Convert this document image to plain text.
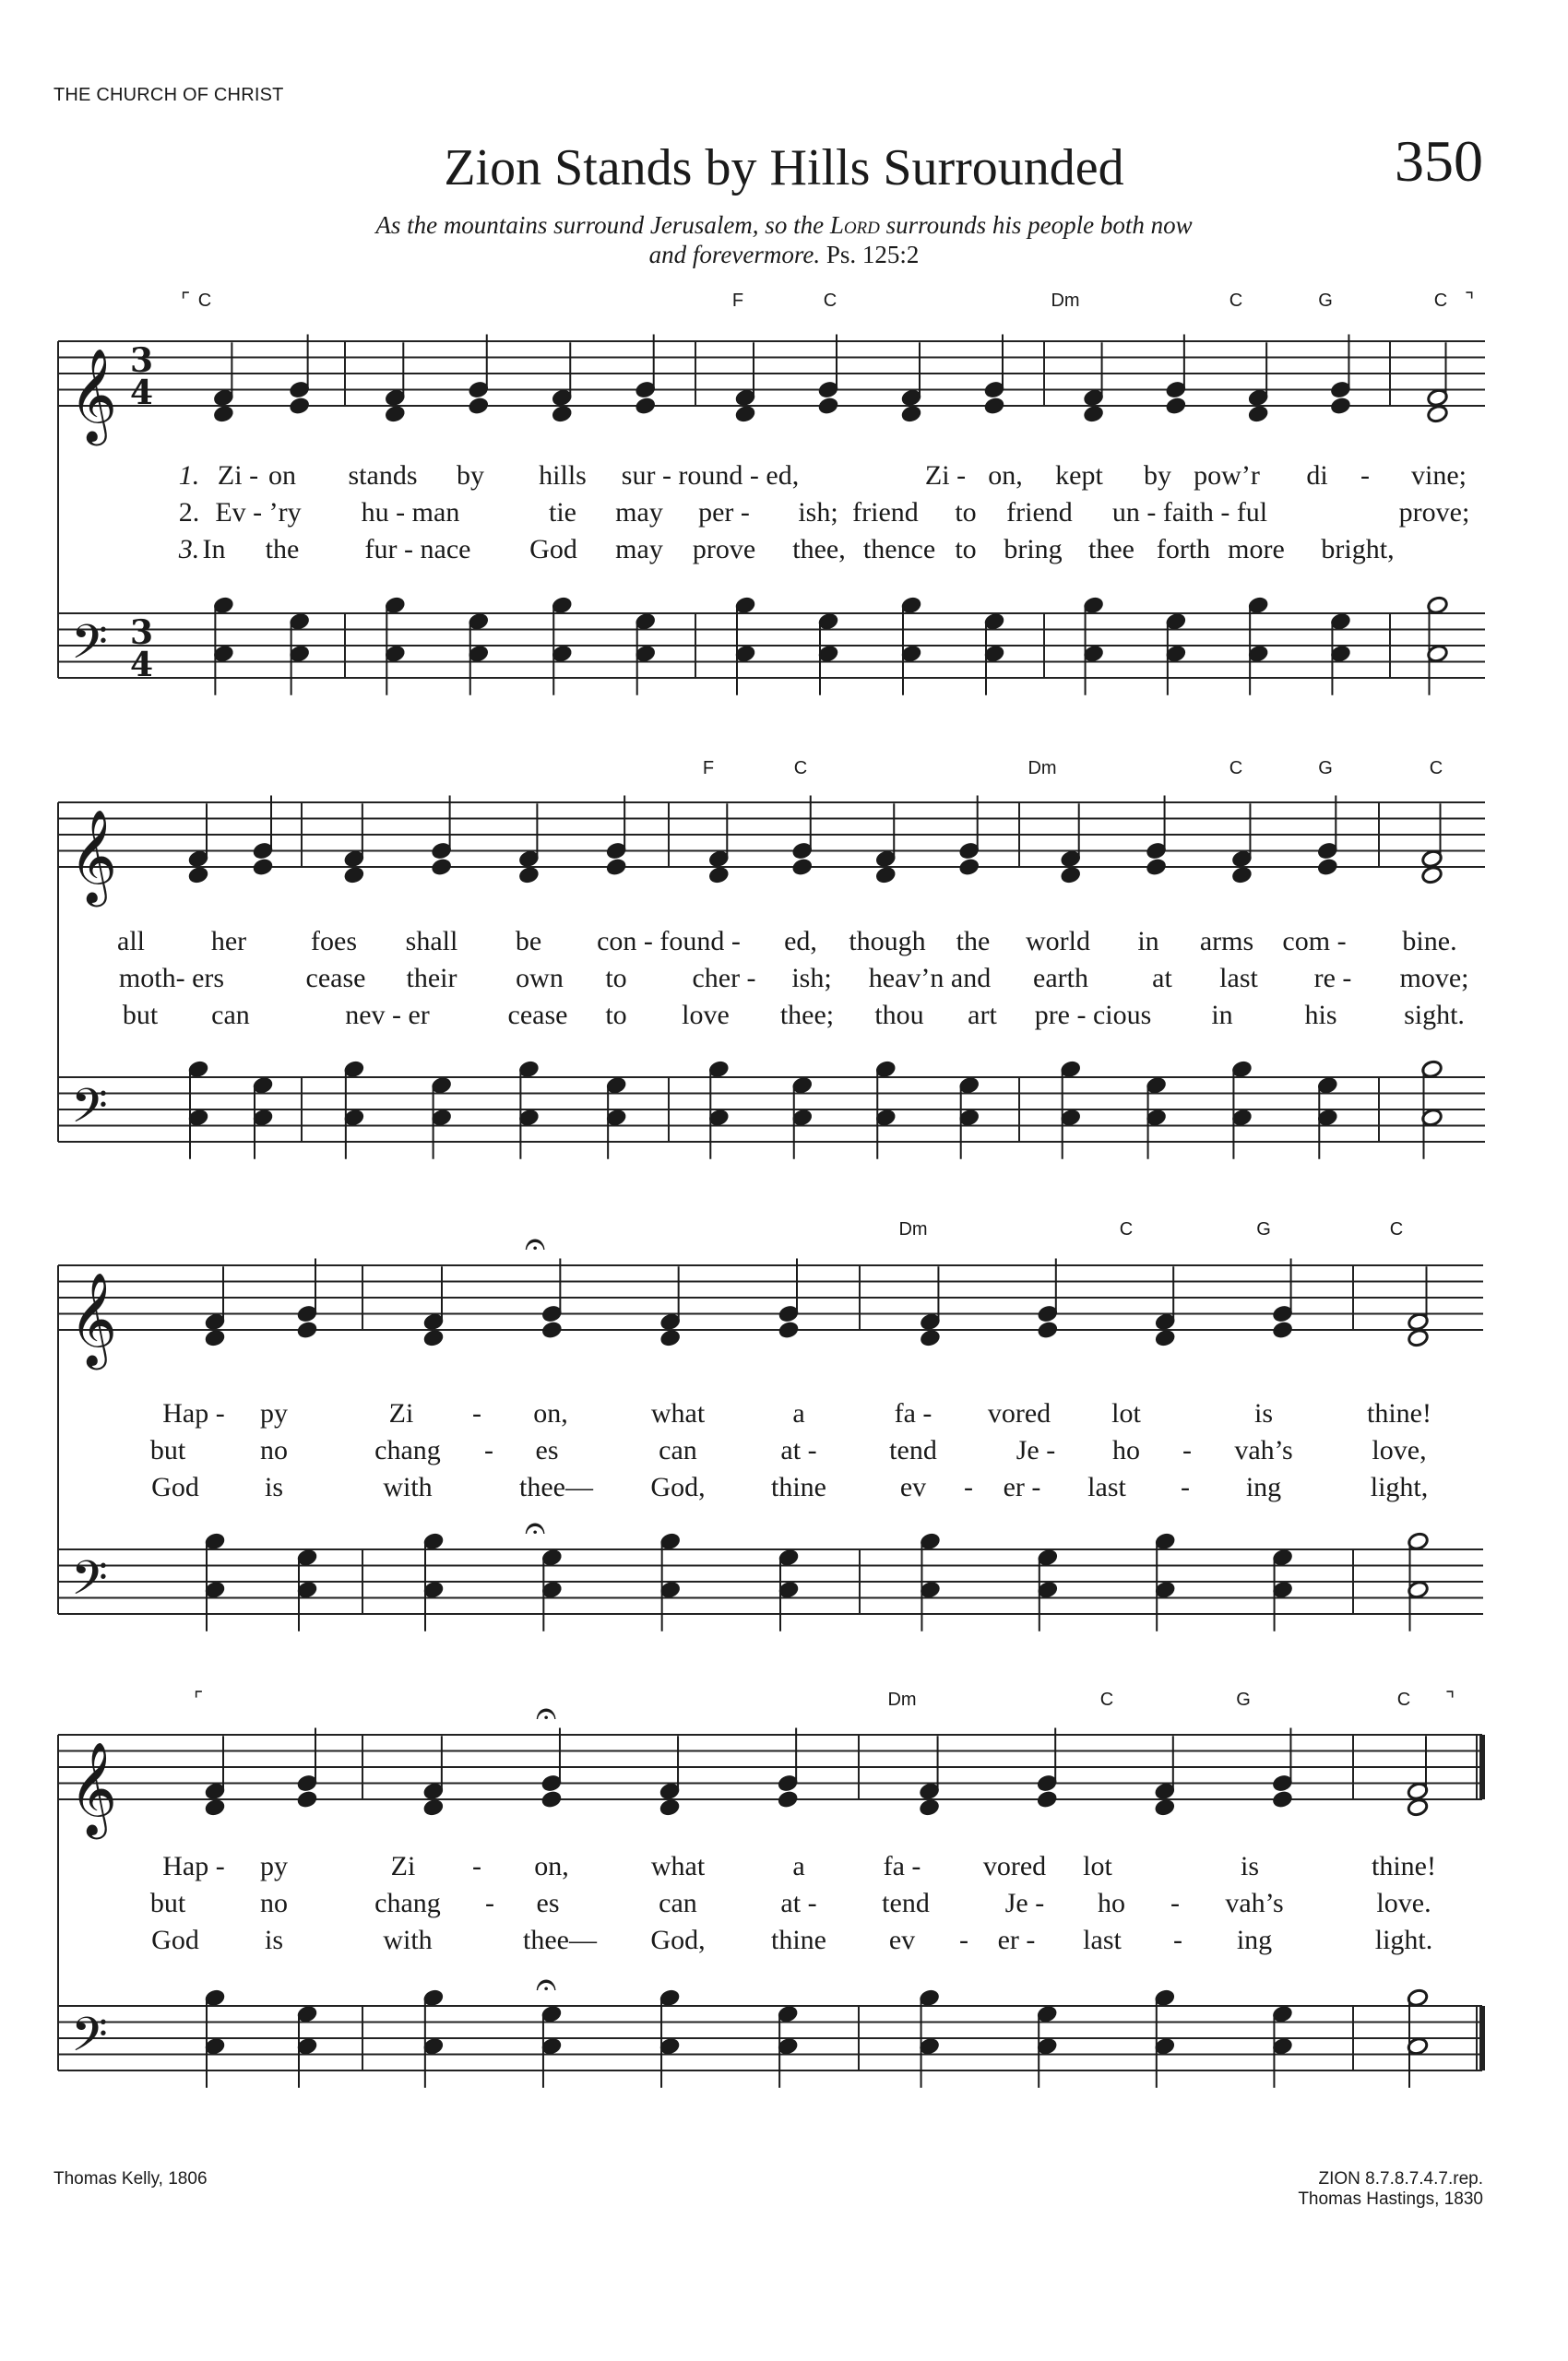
THE CHURCH OF CHRIST
Zion Stands by Hills Surrounded	350
As the mountains surround Jerusalem, so the Lord surrounds his people both now
and forevermore. Ps. 125:2
𝄞 3
4
𝄢 3
4
𝄞
𝄢
𝄞
𝄢
𝄐
𝄐
𝄞
𝄢
𝄐
𝄐
C	F	C	Dm	C	G	C
⌜	⌝
1. Zi - on stands by hills sur - round - ed,	Zi - on, kept by pow’r di - vine;
2. Ev - ’ry hu - man	tie may per - ish; friend to friend un - faith - ful	prove;
3. In the fur - nace God may prove thee, thence to bring thee forth more bright,
F	C	Dm	C	G	C
all her foes shall be con - found - ed, though the world in arms com - bine.
moth- ers	cease their own to cher - ish; heav’n and earth at last re - move;
but can	nev - er	cease to love thee; thou art pre - cious in	his sight.
Dm	C	G	C
Hap - py	Zi - on,	what	a	fa - vored lot	is	thine!
but	no	chang - es	can	at -	tend	Je - ho - vah’s	love,
God is	with	thee— God, thine	ev - er - last - ing	light,
Dm	C	G	C
⌜	⌝
Hap - py	Zi - on,	what	a	fa - vored lot	is	thine!
but	no	chang - es	can	at - tend	Je - ho - vah’s	love.
God is	with	thee— God, thine ev - er - last - ing	light.
Thomas Kelly, 1806	ZION 8.7.8.7.4.7.rep.
Thomas Hastings, 1830
